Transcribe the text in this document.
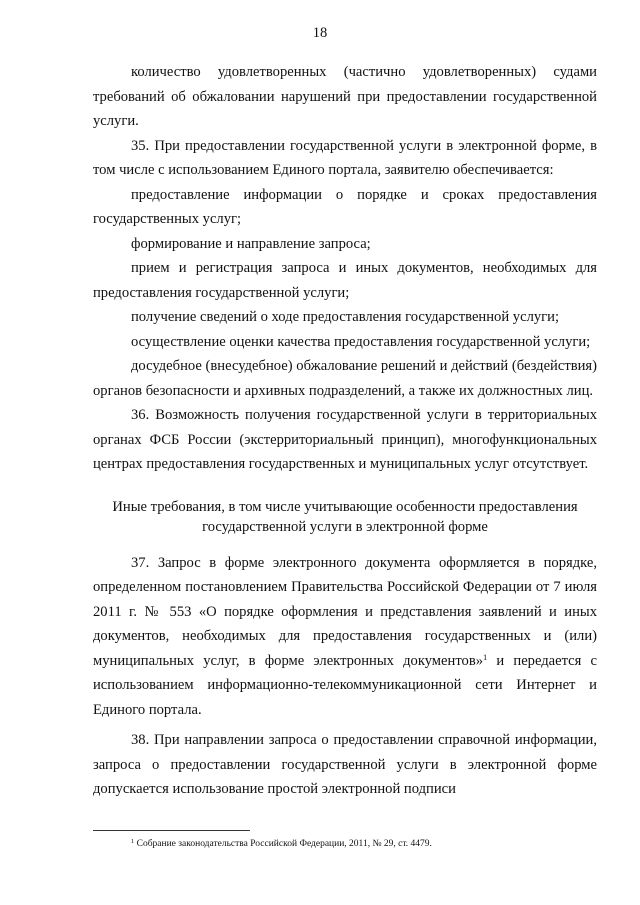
18

количество удовлетворенных (частично удовлетворенных) судами требований об обжаловании нарушений при предоставлении государственной услуги.

35. При предоставлении государственной услуги в электронной форме, в том числе с использованием Единого портала, заявителю обеспечивается:

предоставление информации о порядке и сроках предоставления государственных услуг;

формирование и направление запроса;

прием и регистрация запроса и иных документов, необходимых для предоставления государственной услуги;

получение сведений о ходе предоставления государственной услуги;

осуществление оценки качества предоставления государственной услуги;

досудебное (внесудебное) обжалование решений и действий (бездействия) органов безопасности и архивных подразделений, а также их должностных лиц.

36. Возможность получения государственной услуги в территориальных органах ФСБ России (экстерриториальный принцип), многофункциональных центрах предоставления государственных и муниципальных услуг отсутствует.

Иные требования, в том числе учитывающие особенности предоставления государственной услуги в электронной форме

37. Запрос в форме электронного документа оформляется в порядке, определенном постановлением Правительства Российской Федерации от 7 июля 2011 г. № 553 «О порядке оформления и представления заявлений и иных документов, необходимых для предоставления государственных и (или) муниципальных услуг, в форме электронных документов»$^1$ и передается с использованием информационно-телекоммуникационной сети Интернет и Единого портала.

38. При направлении запроса о предоставлении справочной информации, запроса о предоставлении государственной услуги в электронной форме допускается использование простой электронной подписи

$^1$ Собрание законодательства Российской Федерации, 2011, № 29, ст. 4479.
